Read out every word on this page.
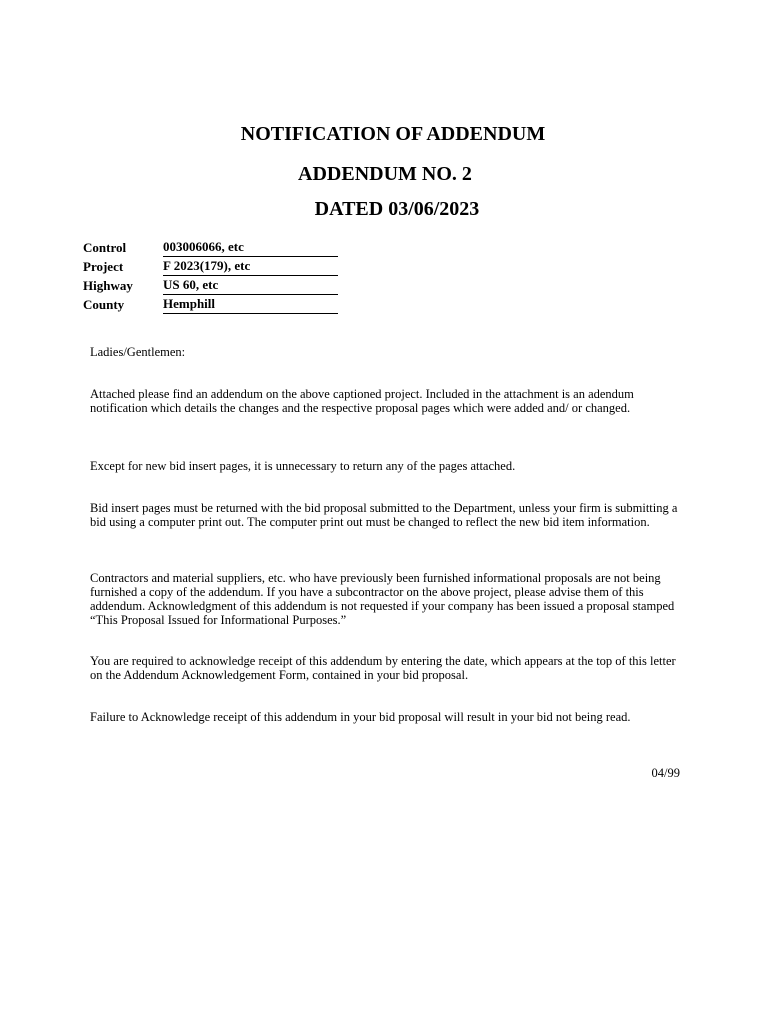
NOTIFICATION OF ADDENDUM
ADDENDUM NO. 2
DATED 03/06/2023
Control	003006066, etc
Project	F 2023(179), etc
Highway	US 60, etc
County	Hemphill

Ladies/Gentlemen:

Attached please find an addendum on the above captioned project. Included in the attachment is an adendum notification which details the changes and the respective proposal pages which were added and/ or changed.

Except for new bid insert pages, it is unnecessary to return any of the pages attached.

Bid insert pages must be returned with the bid proposal submitted to the Department, unless your firm is submitting a bid using a computer print out. The computer print out must be changed to reflect the new bid item information.

Contractors and material suppliers, etc. who have previously been furnished informational proposals are not being furnished a copy of the addendum. If you have a subcontractor on the above project, please advise them of this addendum. Acknowledgment of this addendum is not requested if your company has been issued a proposal stamped “This Proposal Issued for Informational Purposes.”

You are required to acknowledge receipt of this addendum by entering the date, which appears at the top of this letter on the Addendum Acknowledgement Form, contained in your bid proposal.

Failure to Acknowledge receipt of this addendum in your bid proposal will result in your bid not being read.

04/99
